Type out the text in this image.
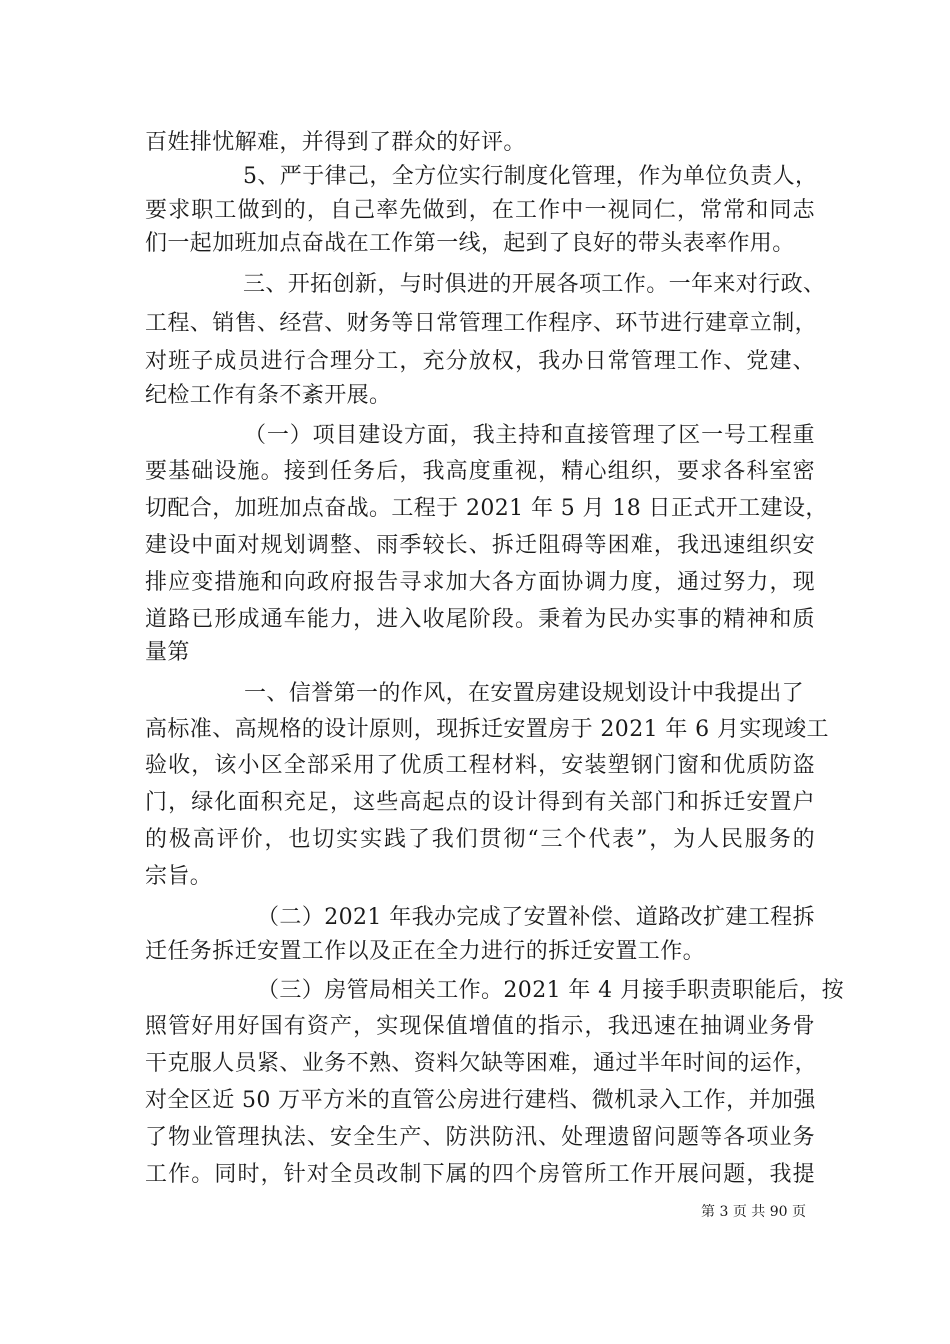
百姓排忧解难，并得到了群众的好评。
5、严于律己，全方位实行制度化管理，作为单位负责人，
要求职工做到的，自己率先做到，在工作中一视同仁，常常和同志
们一起加班加点奋战在工作第一线，起到了良好的带头表率作用。
三、开拓创新，与时俱进的开展各项工作。一年来对行政、
工程、销售、经营、财务等日常管理工作程序、环节进行建章立制，
对班子成员进行合理分工，充分放权，我办日常管理工作、党建、
纪检工作有条不紊开展。
（一）项目建设方面，我主持和直接管理了区一号工程重
要基础设施。接到任务后，我高度重视，精心组织，要求各科室密
切配合，加班加点奋战。工程于 2021 年 5 月 18 日正式开工建设，
建设中面对规划调整、雨季较长、拆迁阻碍等困难，我迅速组织安
排应变措施和向政府报告寻求加大各方面协调力度，通过努力，现
道路已形成通车能力，进入收尾阶段。秉着为民办实事的精神和质
量第
一、信誉第一的作风，在安置房建设规划设计中我提出了
高标准、高规格的设计原则，现拆迁安置房于 2021 年 6 月实现竣工
验收，该小区全部采用了优质工程材料，安装塑钢门窗和优质防盗
门，绿化面积充足，这些高起点的设计得到有关部门和拆迁安置户
的极高评价，也切实实践了我们贯彻“三个代表”，为人民服务的
宗旨。
（二）2021 年我办完成了安置补偿、道路改扩建工程拆
迁任务拆迁安置工作以及正在全力进行的拆迁安置工作。
（三）房管局相关工作。2021 年 4 月接手职责职能后，按
照管好用好国有资产，实现保值增值的指示，我迅速在抽调业务骨
干克服人员紧、业务不熟、资料欠缺等困难，通过半年时间的运作，
对全区近 50 万平方米的直管公房进行建档、微机录入工作，并加强
了物业管理执法、安全生产、防洪防汛、处理遗留问题等各项业务
工作。同时，针对全员改制下属的四个房管所工作开展问题，我提
第 3 页 共 90 页
